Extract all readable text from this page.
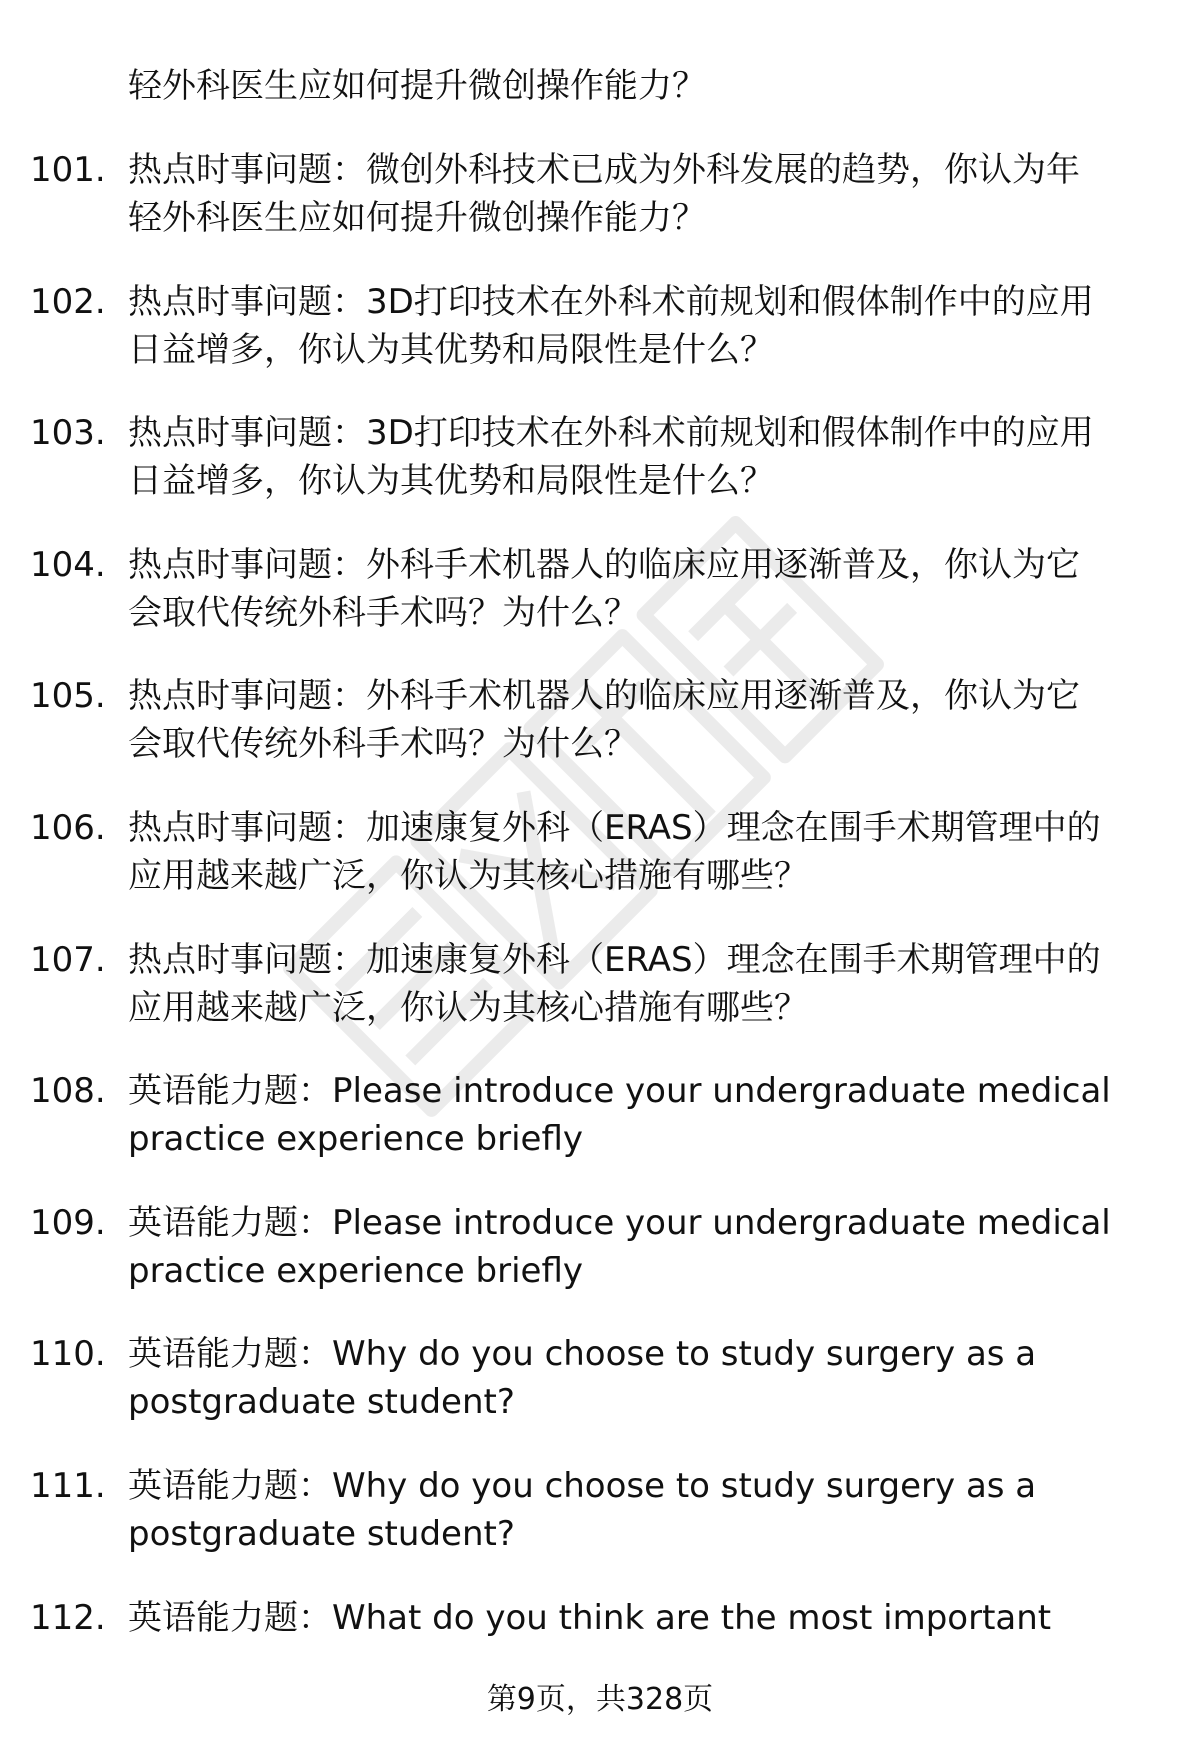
轻外科医生应如何提升微创操作能力？
101. 热点时事问题：微创外科技术已成为外科发展的趋势，你认为年
轻外科医生应如何提升微创操作能力？
102. 热点时事问题：3D打印技术在外科术前规划和假体制作中的应用
日益增多，你认为其优势和局限性是什么？
103. 热点时事问题：3D打印技术在外科术前规划和假体制作中的应用
日益增多，你认为其优势和局限性是什么？
104. 热点时事问题：外科手术机器人的临床应用逐渐普及，你认为它
会取代传统外科手术吗？为什么？
105. 热点时事问题：外科手术机器人的临床应用逐渐普及，你认为它
会取代传统外科手术吗？为什么？
106. 热点时事问题：加速康复外科（ERAS）理念在围手术期管理中的
应用越来越广泛，你认为其核心措施有哪些？
107. 热点时事问题：加速康复外科（ERAS）理念在围手术期管理中的
应用越来越广泛，你认为其核心措施有哪些？
108. 英语能力题：Please introduce your undergraduate medical
practice experience briefly
109. 英语能力题：Please introduce your undergraduate medical
practice experience briefly
110. 英语能力题：Why do you choose to study surgery as a
postgraduate student?
111. 英语能力题：Why do you choose to study surgery as a
postgraduate student?
112. 英语能力题：What do you think are the most important
第9页，共328页
